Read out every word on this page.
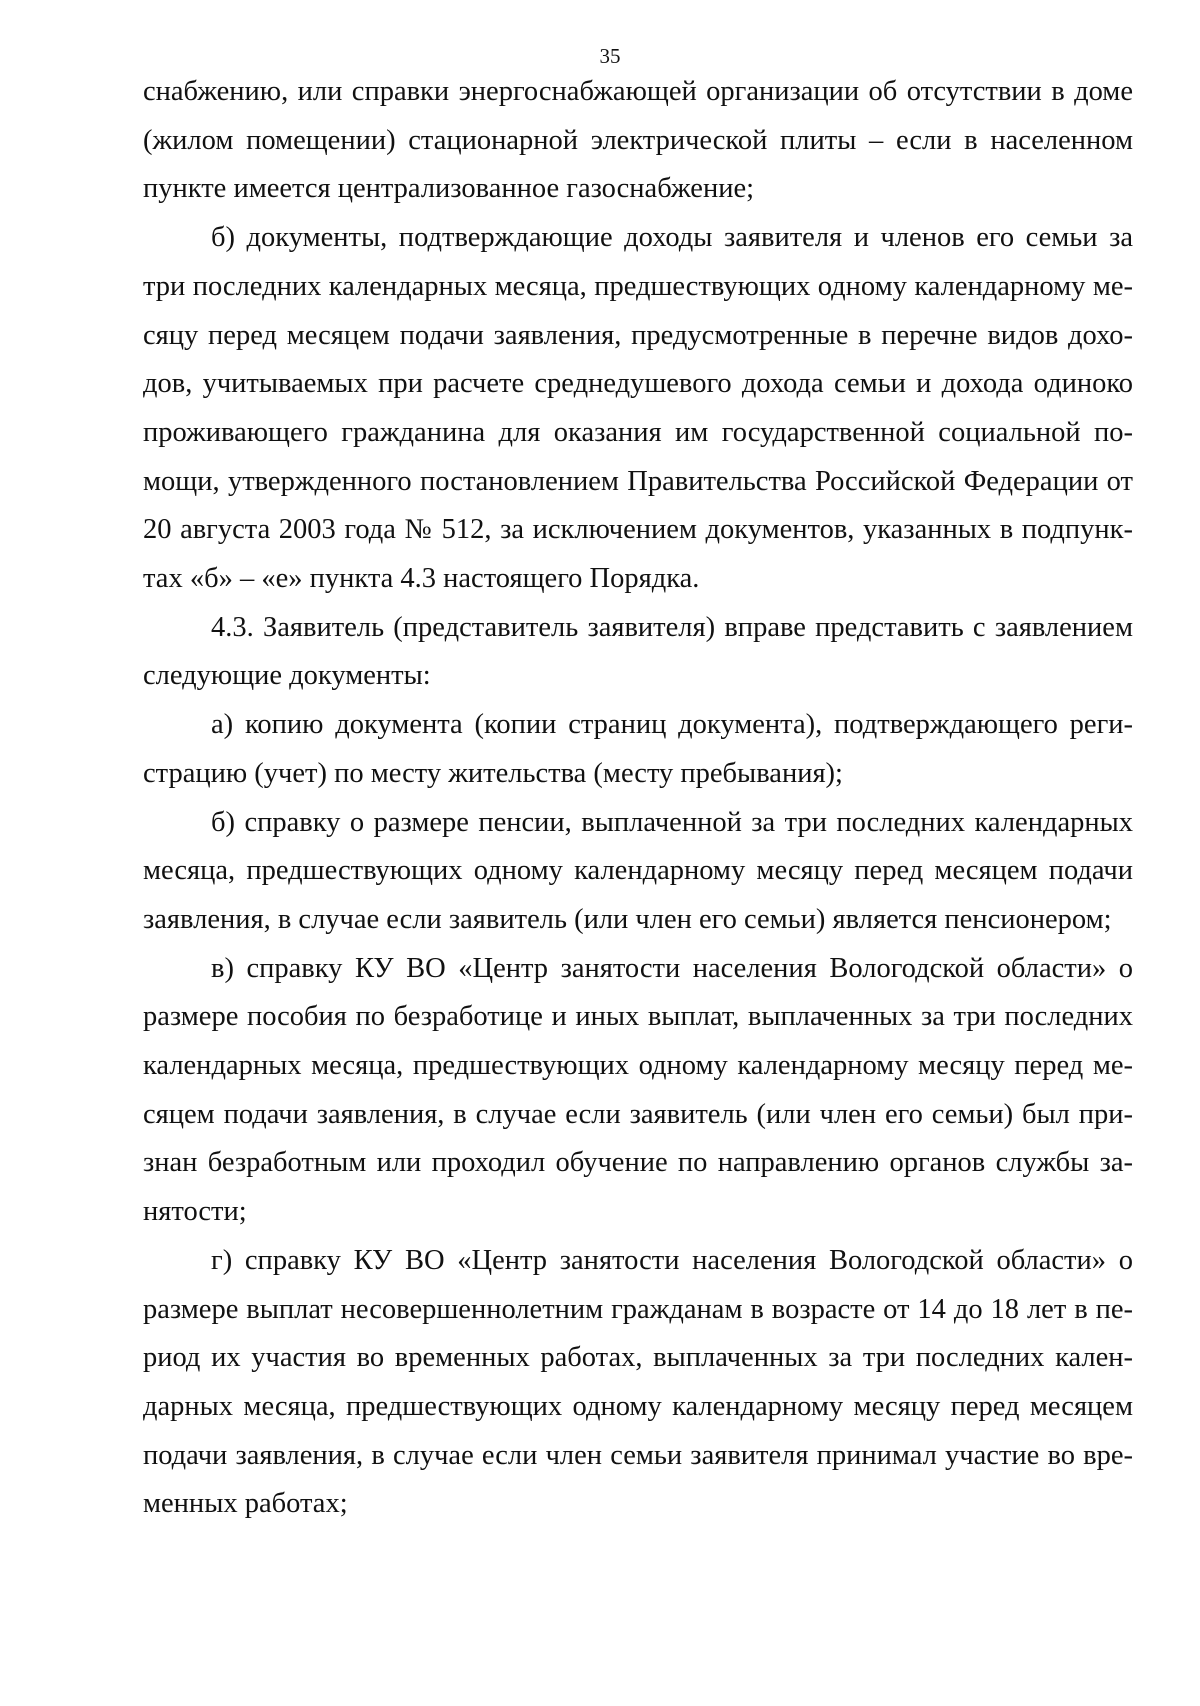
35
снабжению, или справки энергоснабжающей организации об отсутствии в доме
(жилом помещении) стационарной электрической плиты – если в населенном
пункте имеется централизованное газоснабжение;
б) документы, подтверждающие доходы заявителя и членов его семьи за
три последних календарных месяца, предшествующих одному календарному ме-
сяцу перед месяцем подачи заявления, предусмотренные в перечне видов дохо-
дов, учитываемых при расчете среднедушевого дохода семьи и дохода одиноко
проживающего гражданина для оказания им государственной социальной по-
мощи, утвержденного постановлением Правительства Российской Федерации от
20 августа 2003 года № 512, за исключением документов, указанных в подпунк-
тах «б» – «е» пункта 4.3 настоящего Порядка.
4.3. Заявитель (представитель заявителя) вправе представить с заявлением
следующие документы:
а) копию документа (копии страниц документа), подтверждающего реги-
страцию (учет) по месту жительства (месту пребывания);
б) справку о размере пенсии, выплаченной за три последних календарных
месяца, предшествующих одному календарному месяцу перед месяцем подачи
заявления, в случае если заявитель (или член его семьи) является пенсионером;
в) справку КУ ВО «Центр занятости населения Вологодской области» о
размере пособия по безработице и иных выплат, выплаченных за три последних
календарных месяца, предшествующих одному календарному месяцу перед ме-
сяцем подачи заявления, в случае если заявитель (или член его семьи) был при-
знан безработным или проходил обучение по направлению органов службы за-
нятости;
г) справку КУ ВО «Центр занятости населения Вологодской области» о
размере выплат несовершеннолетним гражданам в возрасте от 14 до 18 лет в пе-
риод их участия во временных работах, выплаченных за три последних кален-
дарных месяца, предшествующих одному календарному месяцу перед месяцем
подачи заявления, в случае если член семьи заявителя принимал участие во вре-
менных работах;
